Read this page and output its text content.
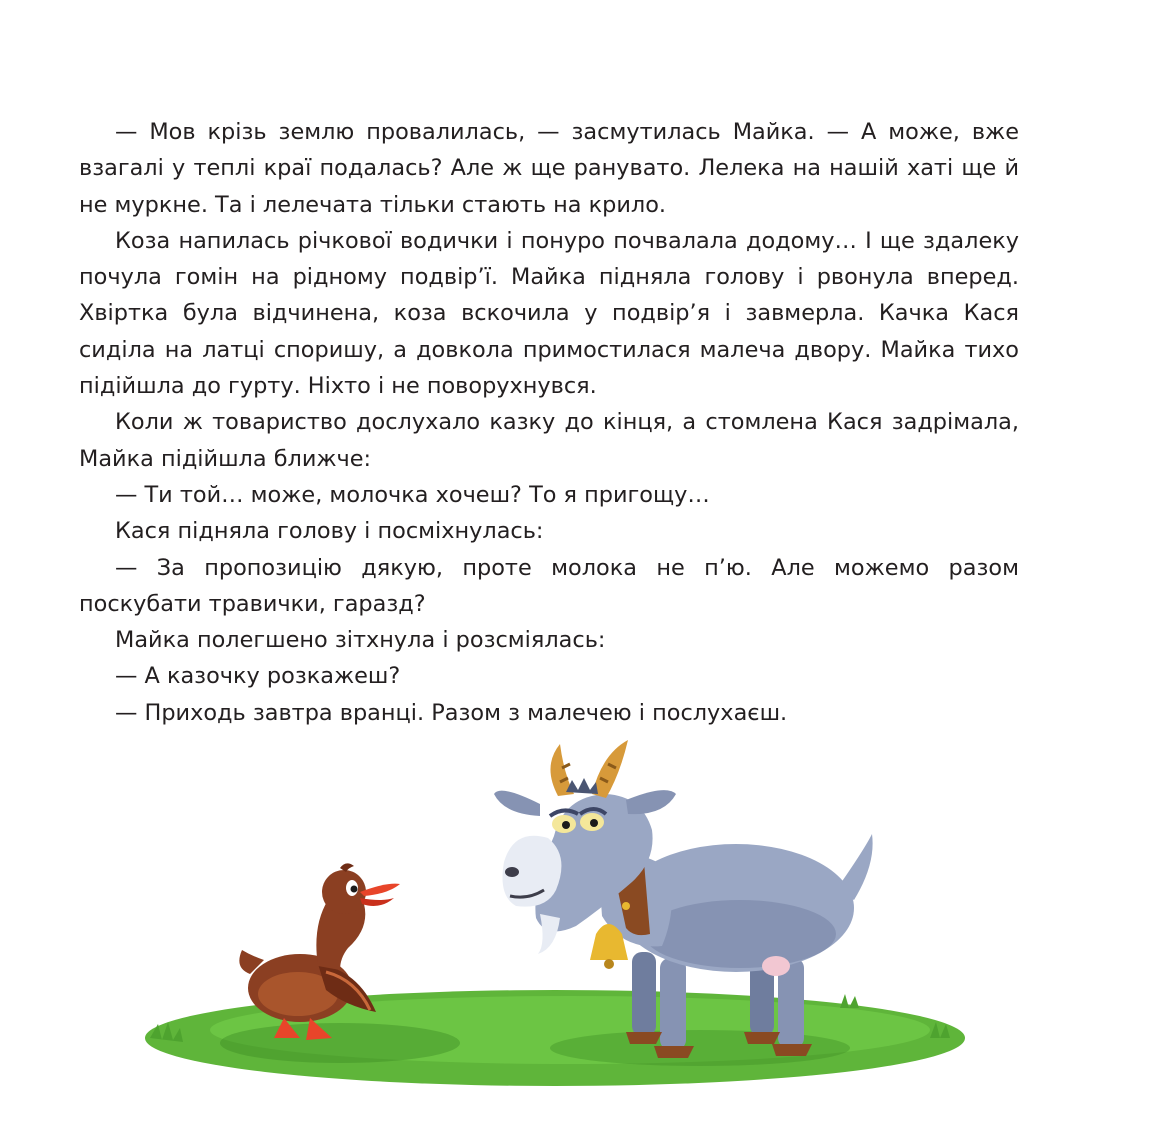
— Мов крізь землю провалилась, — засмутилась Майка. — А може, вже взагалі у теплі краї подалась? Але ж ще ранувато. Лелека на нашій хаті ще й не муркне. Та і лелечата тільки стають на крило.

Коза напилась річкової водички і понуро почвалала додому… І ще здалеку почула гомін на рідному подвір’ї. Майка підняла голову і рвонула вперед. Хвіртка була відчинена, коза вскочила у подвір’я і завмерла. Качка Кася сиділа на латці споришу, а довкола примостилася малеча двору. Майка тихо підійшла до гурту. Ніхто і не поворухнувся.

Коли ж товариство дослухало казку до кінця, а стомлена Кася задрімала, Майка підійшла ближче:

— Ти той… може, молочка хочеш? То я пригощу…

Кася підняла голову і посміхнулась:

— За пропозицію дякую, проте молока не п’ю. Але можемо разом поскубати травички, гаразд?

Майка полегшено зітхнула і розсміялась:

— А казочку розкажеш?

— Приходь завтра вранці. Разом з малечею і послухаєш.
